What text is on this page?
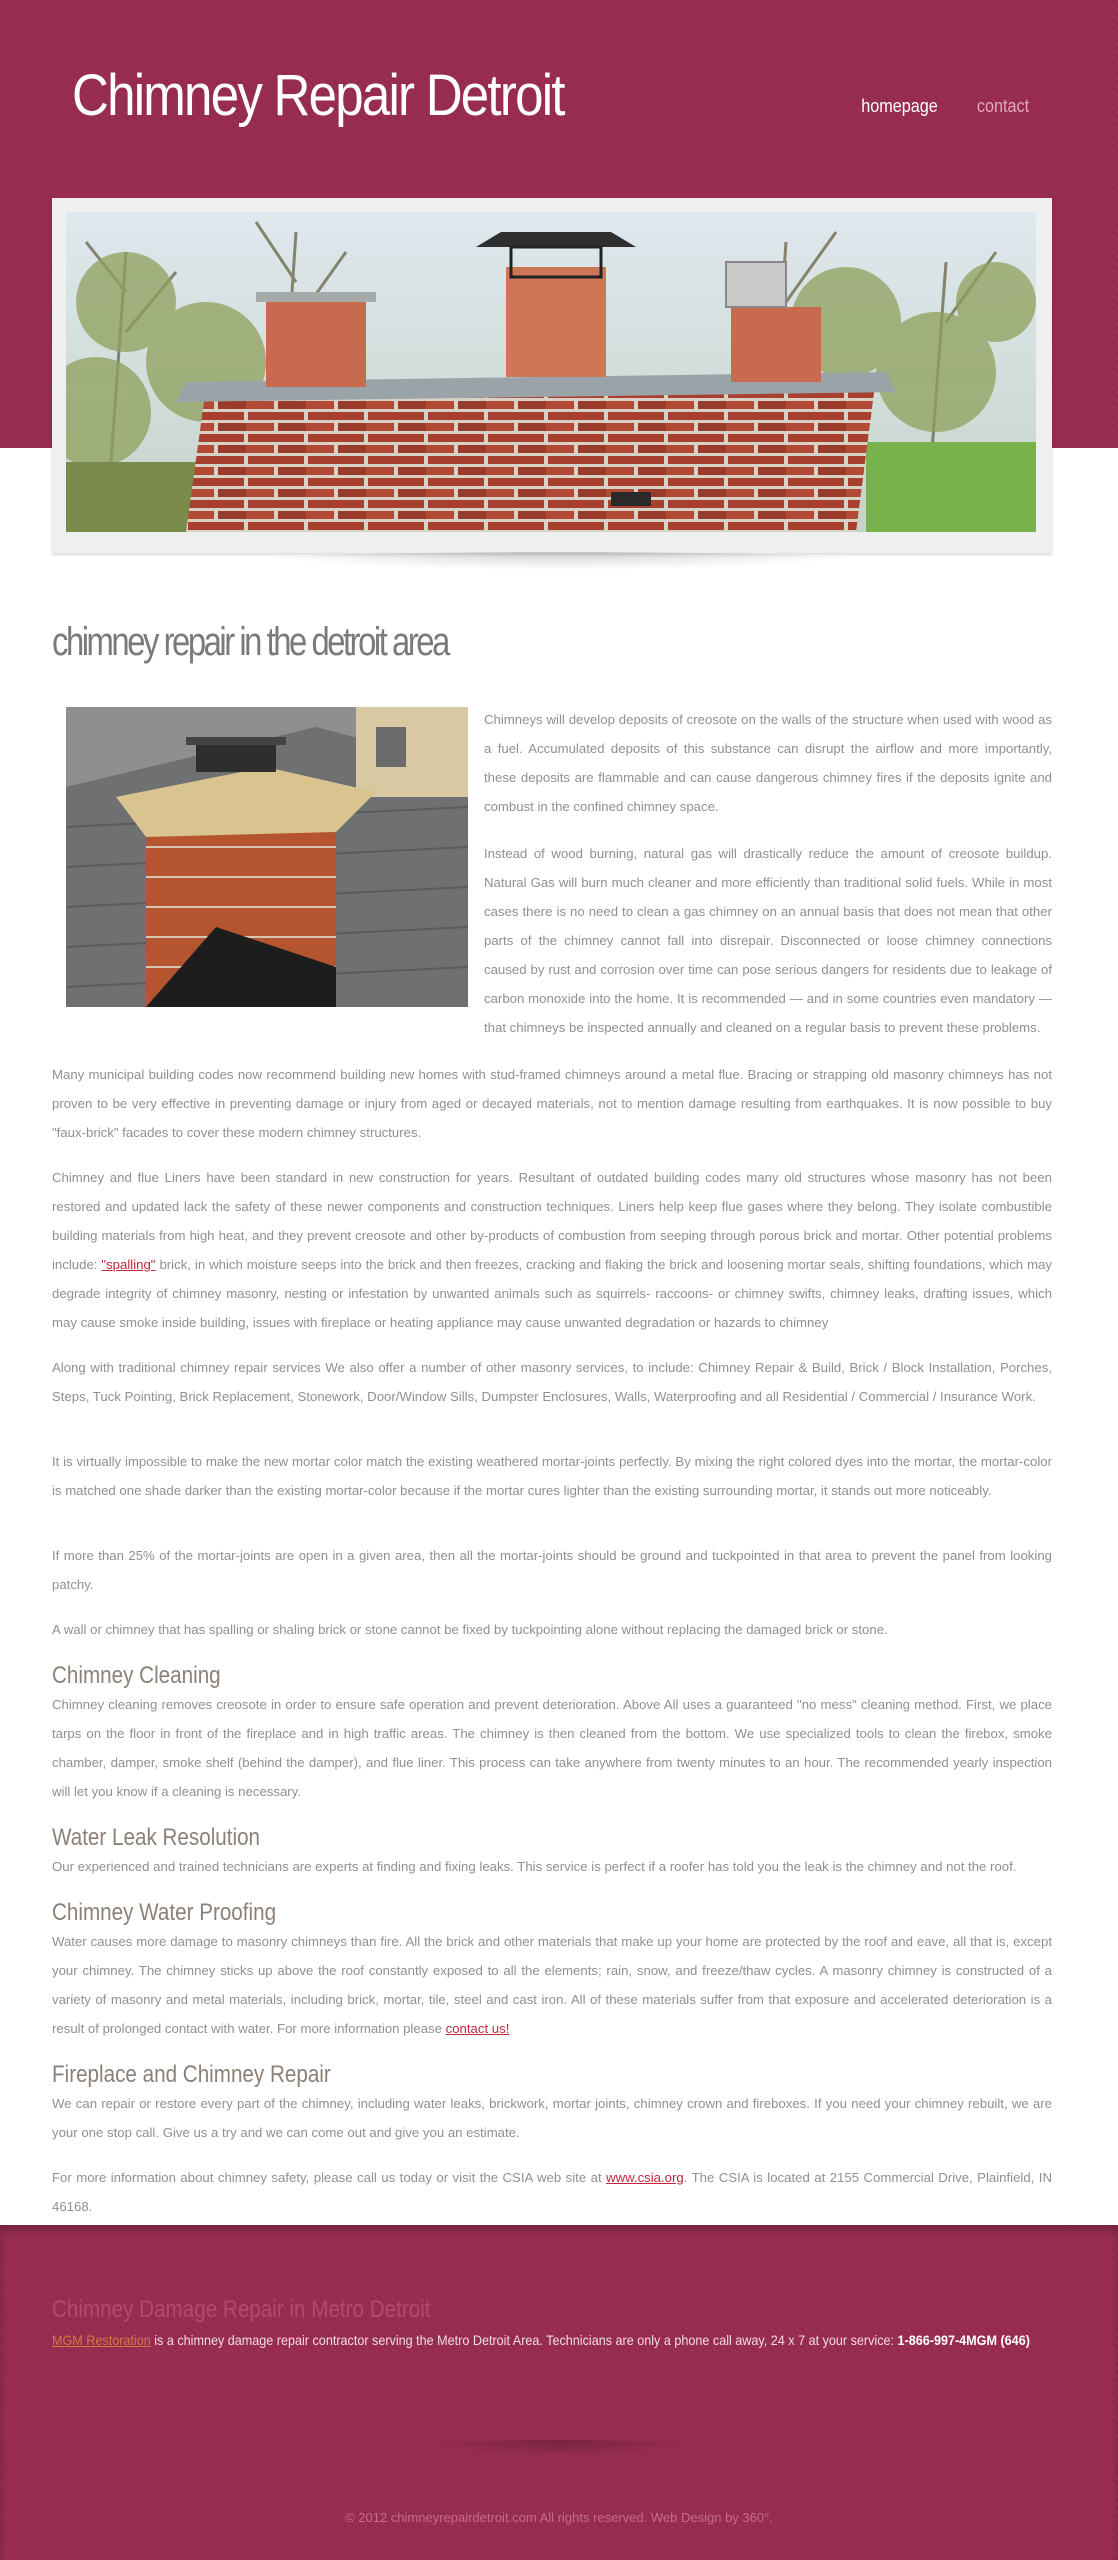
Chimney Repair Detroit	homepage contact
chimney repair in the detroit area

Chimneys will develop deposits of creosote on the walls of the structure when used with wood as a fuel. Accumulated deposits of this substance can disrupt the airflow and more importantly, these deposits are flammable and can cause dangerous chimney fires if the deposits ignite and combust in the confined chimney space.

Instead of wood burning, natural gas will drastically reduce the amount of creosote buildup. Natural Gas will burn much cleaner and more efficiently than traditional solid fuels. While in most cases there is no need to clean a gas chimney on an annual basis that does not mean that other parts of the chimney cannot fall into disrepair. Disconnected or loose chimney connections caused by rust and corrosion over time can pose serious dangers for residents due to leakage of carbon monoxide into the home. It is recommended — and in some countries even mandatory — that chimneys be inspected annually and cleaned on a regular basis to prevent these problems.

Many municipal building codes now recommend building new homes with stud-framed chimneys around a metal flue. Bracing or strapping old masonry chimneys has not proven to be very effective in preventing damage or injury from aged or decayed materials, not to mention damage resulting from earthquakes. It is now possible to buy "faux-brick" facades to cover these modern chimney structures.

Chimney and flue Liners have been standard in new construction for years. Resultant of outdated building codes many old structures whose masonry has not been restored and updated lack the safety of these newer components and construction techniques. Liners help keep flue gases where they belong. They isolate combustible building materials from high heat, and they prevent creosote and other by-products of combustion from seeping through porous brick and mortar. Other potential problems include: "spalling" brick, in which moisture seeps into the brick and then freezes, cracking and flaking the brick and loosening mortar seals, shifting foundations, which may degrade integrity of chimney masonry, nesting or infestation by unwanted animals such as squirrels- raccoons- or chimney swifts, chimney leaks, drafting issues, which may cause smoke inside building, issues with fireplace or heating appliance may cause unwanted degradation or hazards to chimney

Along with traditional chimney repair services We also offer a number of other masonry services, to include: Chimney Repair & Build, Brick / Block Installation, Porches, Steps, Tuck Pointing, Brick Replacement, Stonework, Door/Window Sills, Dumpster Enclosures, Walls, Waterproofing and all Residential / Commercial / Insurance Work.

It is virtually impossible to make the new mortar color match the existing weathered mortar-joints perfectly. By mixing the right colored dyes into the mortar, the mortar-color is matched one shade darker than the existing mortar-color because if the mortar cures lighter than the existing surrounding mortar, it stands out more noticeably.

If more than 25% of the mortar-joints are open in a given area, then all the mortar-joints should be ground and tuckpointed in that area to prevent the panel from looking patchy.

A wall or chimney that has spalling or shaling brick or stone cannot be fixed by tuckpointing alone without replacing the damaged brick or stone.

Chimney Cleaning

Chimney cleaning removes creosote in order to ensure safe operation and prevent deterioration. Above All uses a guaranteed "no mess" cleaning method. First, we place tarps on the floor in front of the fireplace and in high traffic areas. The chimney is then cleaned from the bottom. We use specialized tools to clean the firebox, smoke chamber, damper, smoke shelf (behind the damper), and flue liner. This process can take anywhere from twenty minutes to an hour. The recommended yearly inspection will let you know if a cleaning is necessary.

Water Leak Resolution

Our experienced and trained technicians are experts at finding and fixing leaks. This service is perfect if a roofer has told you the leak is the chimney and not the roof.

Chimney Water Proofing

Water causes more damage to masonry chimneys than fire. All the brick and other materials that make up your home are protected by the roof and eave, all that is, except your chimney. The chimney sticks up above the roof constantly exposed to all the elements; rain, snow, and freeze/thaw cycles. A masonry chimney is constructed of a variety of masonry and metal materials, including brick, mortar, tile, steel and cast iron. All of these materials suffer from that exposure and accelerated deterioration is a result of prolonged contact with water. For more information please contact us!

Fireplace and Chimney Repair

We can repair or restore every part of the chimney, including water leaks, brickwork, mortar joints, chimney crown and fireboxes. If you need your chimney rebuilt, we are your one stop call. Give us a try and we can come out and give you an estimate.

For more information about chimney safety, please call us today or visit the CSIA web site at www.csia.org. The CSIA is located at 2155 Commercial Drive, Plainfield, IN 46168.

Chimney Damage Repair in Metro Detroit
MGM Restoration is a chimney damage repair contractor serving the Metro Detroit Area. Technicians are only a phone call away, 24 x 7 at your service: 1-866-997-4MGM (646)
© 2012 chimneyrepairdetroit.com All rights reserved. Web Design by 360°.
